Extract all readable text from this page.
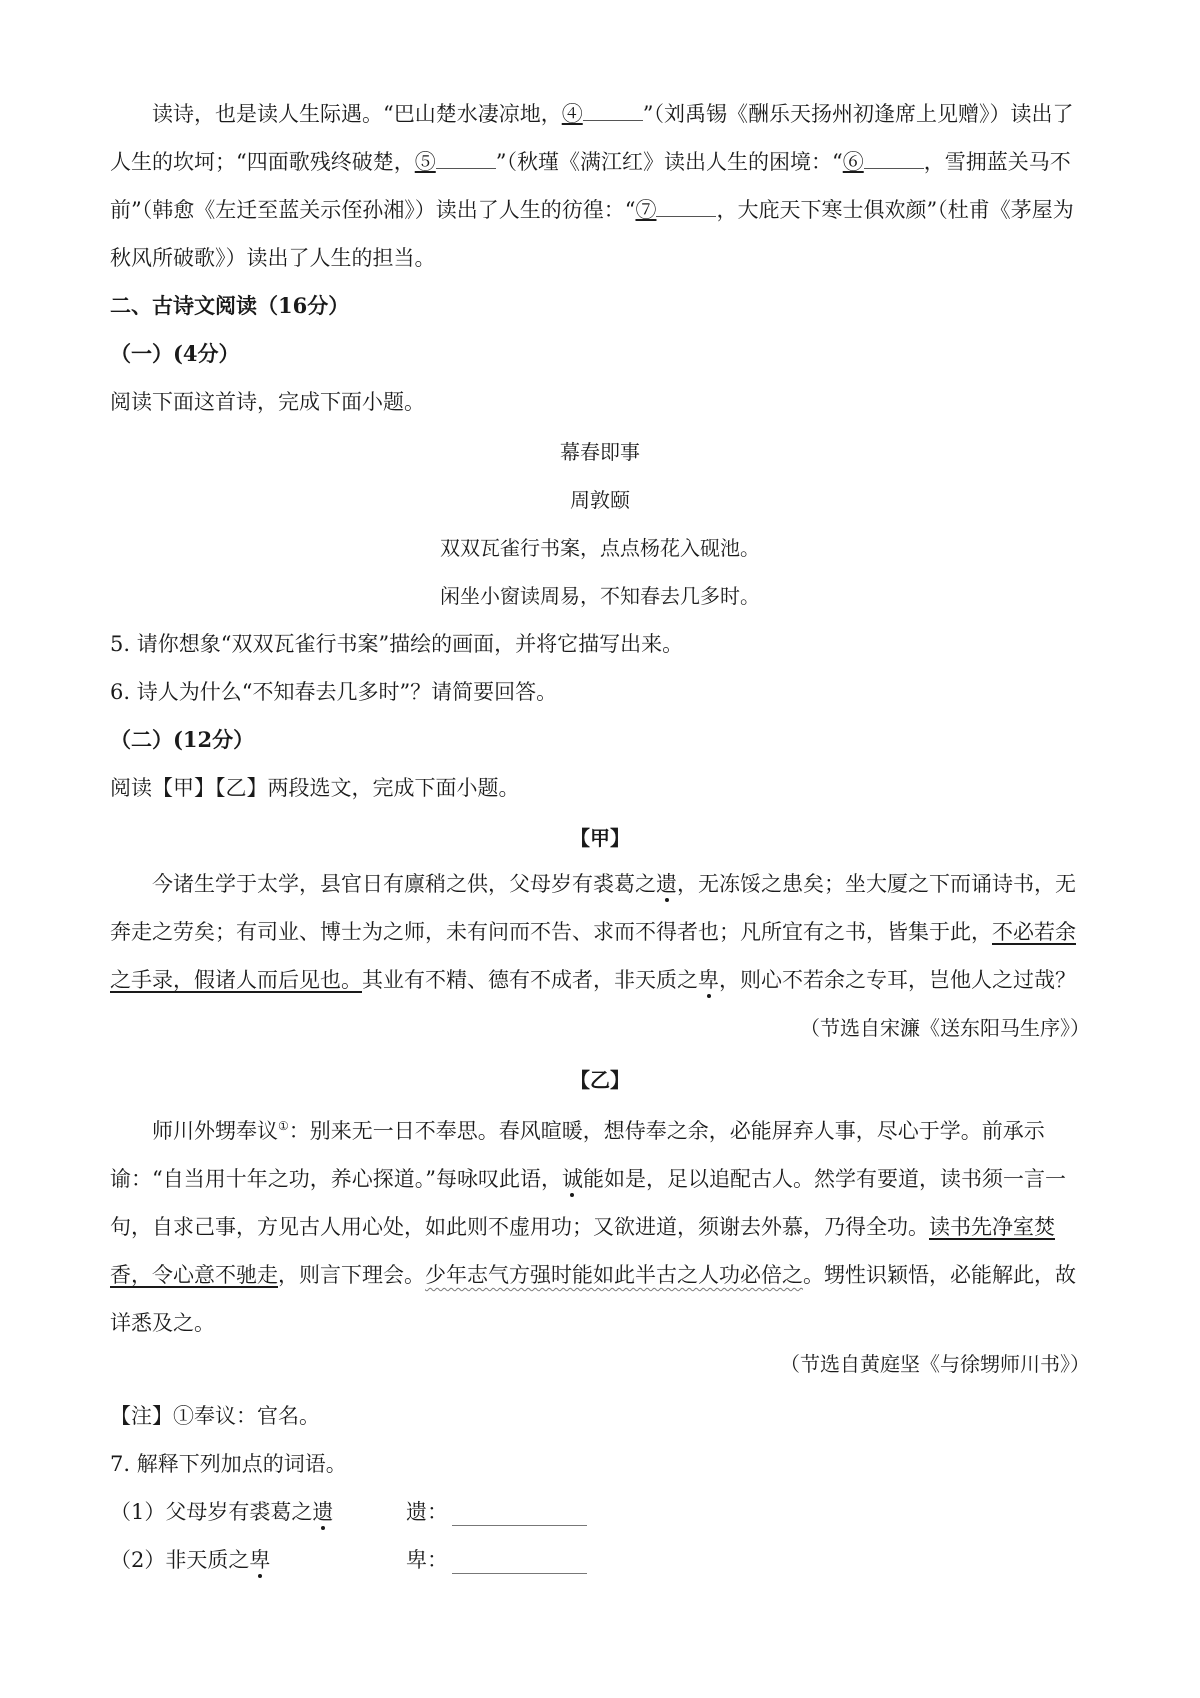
读诗，也是读人生际遇。“巴山楚水凄凉地，④	”（刘禹锡《酬乐天扬州初逢席上见赠》）读出了人生的坎坷；“四面歌残终破楚，⑤	”（秋瑾《满江红》读出人生的困境：“⑥	，雪拥蓝关马不前”（韩愈《左迁至蓝关示侄孙湘》）读出了人生的彷徨：“⑦	，大庇天下寒士俱欢颜”（杜甫《茅屋为秋风所破歌》）读出了人生的担当。

二、古诗文阅读（16分）

（一）(4分）

阅读下面这首诗，完成下面小题。

幕春即事

周敦颐

双双瓦雀行书案，点点杨花入砚池。

闲坐小窗读周易，不知春去几多时。

5. 请你想象“双双瓦雀行书案”描绘的画面，并将它描写出来。

6. 诗人为什么“不知春去几多时”？请简要回答。

（二）(12分）

阅读【甲】【乙】两段选文，完成下面小题。

【甲】

今诸生学于太学，县官日有廪稍之供，父母岁有裘葛之遗，无冻馁之患矣；坐大厦之下而诵诗书，无奔走之劳矣；有司业、博士为之师，未有问而不告、求而不得者也；凡所宜有之书，皆集于此，不必若余之手录，假诸人而后见也。其业有不精、德有不成者，非天质之卑，则心不若余之专耳，岂他人之过哉？

（节选自宋濂《送东阳马生序》）

【乙】

师川外甥奉议①：别来无一日不奉思。春风暄暖，想侍奉之余，必能屏弃人事，尽心于学。前承示谕：“自当用十年之功，养心探道。”每咏叹此语，诚能如是，足以追配古人。然学有要道，读书须一言一句，自求己事，方见古人用心处，如此则不虚用功；又欲进道，须谢去外慕，乃得全功。读书先净室焚香，令心意不驰走，则言下理会。少年志气方强时能如此半古之人功必倍之。甥性识颖悟，必能解此，故详悉及之。

（节选自黄庭坚《与徐甥师川书》）

【注】①奉议：官名。

7. 解释下列加点的词语。

（1）父母岁有裘葛之遗	遗：

（2）非天质之卑	卑：
